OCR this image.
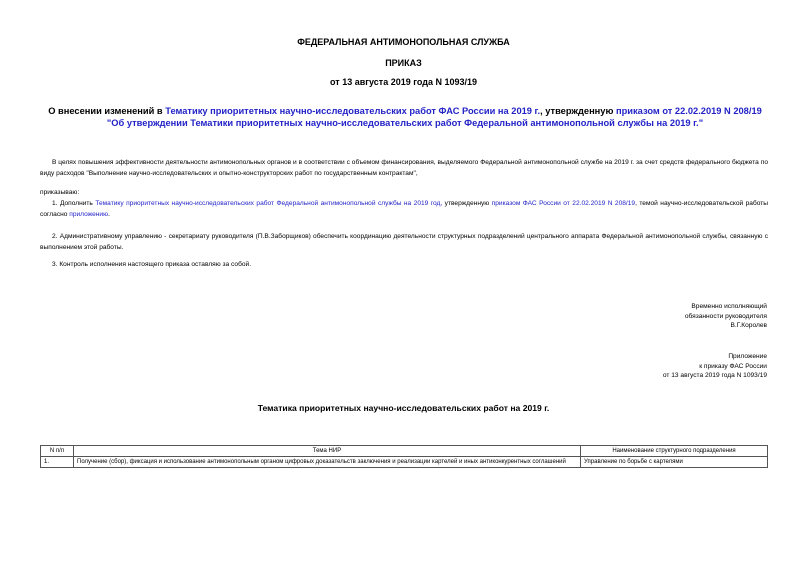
ФЕДЕРАЛЬНАЯ АНТИМОНОПОЛЬНАЯ СЛУЖБА
ПРИКАЗ
от 13 августа 2019 года N 1093/19
О внесении изменений в Тематику приоритетных научно-исследовательских работ ФАС России на 2019 г., утвержденную приказом от 22.02.2019 N 208/19 "Об утверждении Тематики приоритетных научно-исследовательских работ Федеральной антимонопольной службы на 2019 г."
В целях повышения эффективности деятельности антимонопольных органов и в соответствии с объемом финансирования, выделяемого Федеральной антимонопольной службе на 2019 г. за счет средств федерального бюджета по виду расходов "Выполнение научно-исследовательских и опытно-конструкторских работ по государственным контрактам",
приказываю:
1. Дополнить Тематику приоритетных научно-исследовательских работ Федеральной антимонопольной службы на 2019 год, утвержденную приказом ФАС России от 22.02.2019 N 208/19, темой научно-исследовательской работы согласно приложению.
2. Административному управлению - секретариату руководителя (П.В.Заборщиков) обеспечить координацию деятельности структурных подразделений центрального аппарата Федеральной антимонопольной службы, связанную с выполнением этой работы.
3. Контроль исполнения настоящего приказа оставляю за собой.
Временно исполняющий
обязанности руководителя
В.Г.Королев
Приложение
к приказу ФАС России
от 13 августа 2019 года N 1093/19
Тематика приоритетных научно-исследовательских работ на 2019 г.
N п/п	Тема НИР	Наименование структурного подразделения
1.	Получение (сбор), фиксация и использование антимонопольным органом цифровых доказательств заключения и реализации картелей и иных антиконкурентных соглашений	Управление по борьбе с картелями
